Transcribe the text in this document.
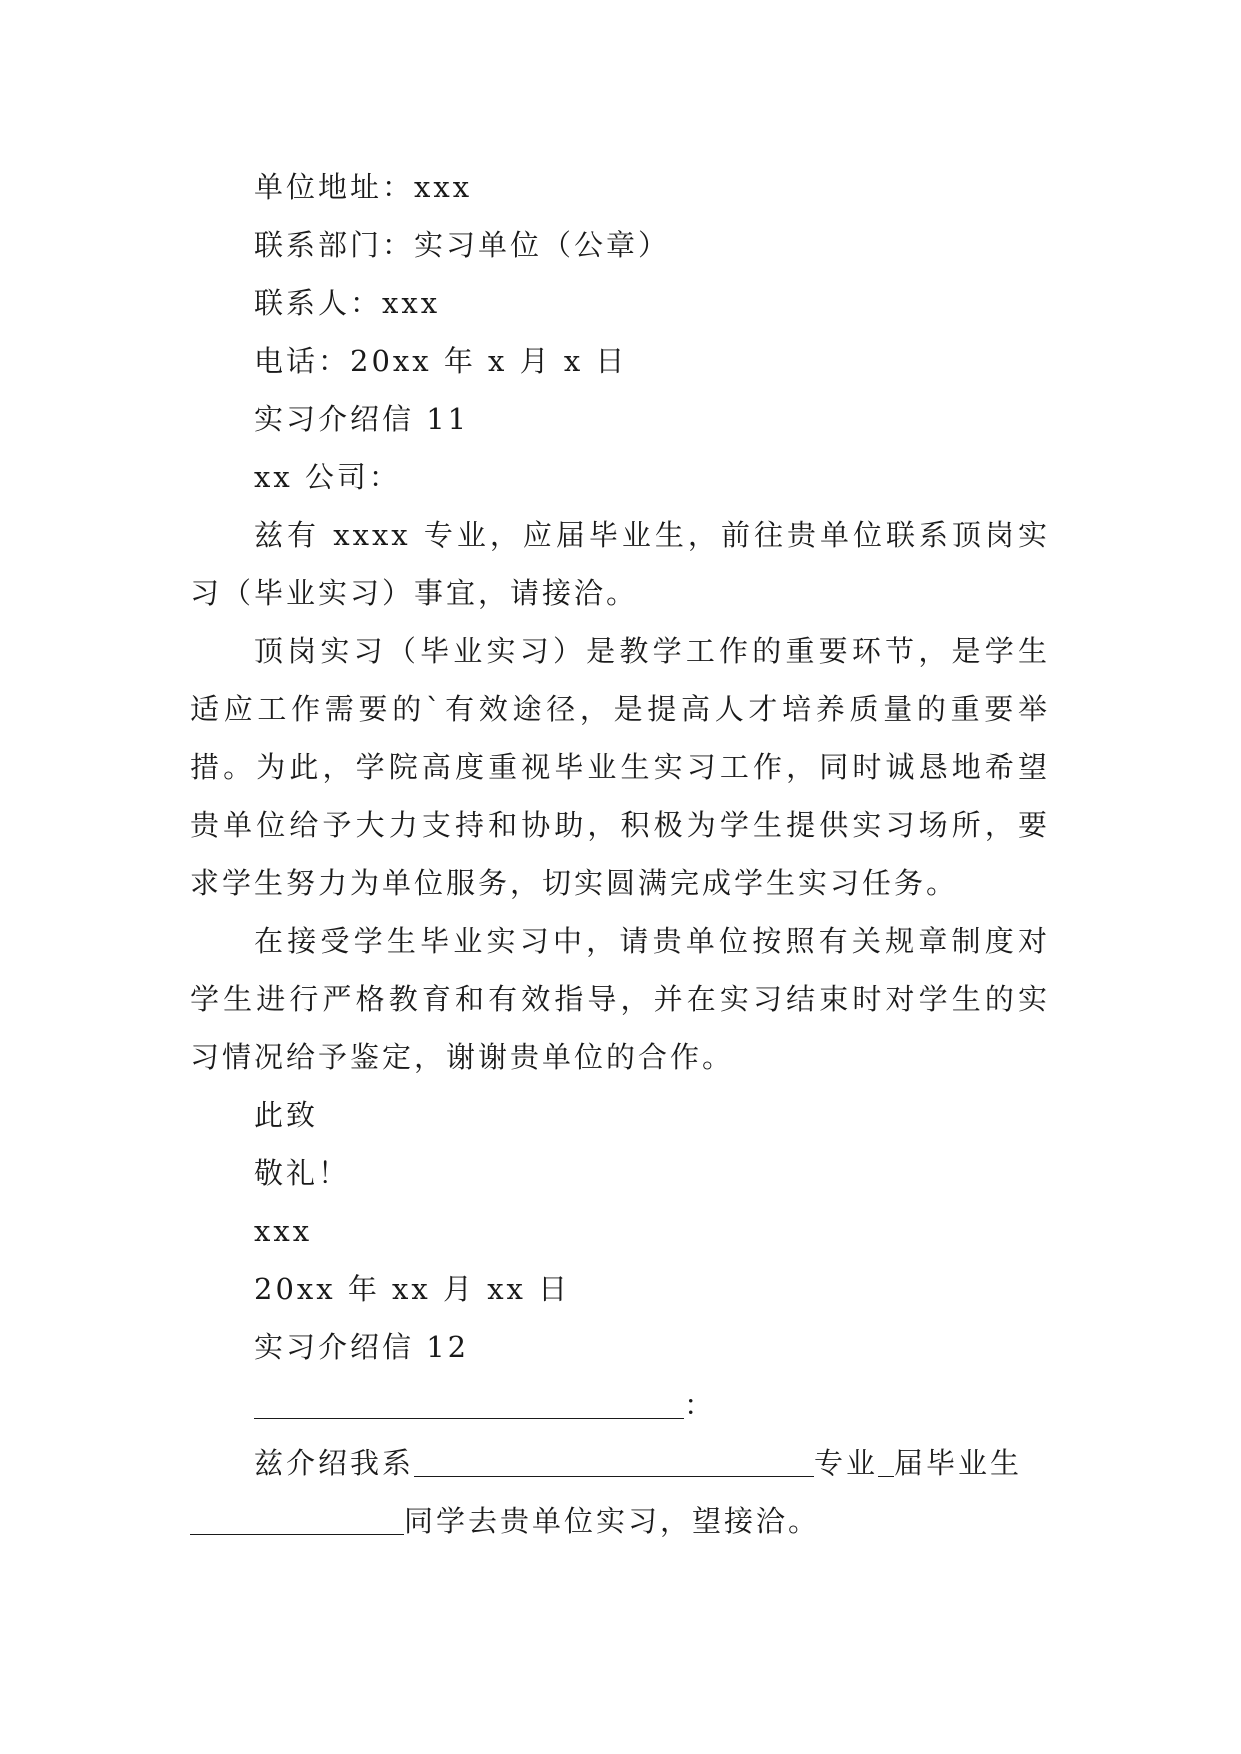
单位地址：xxx

联系部门：实习单位（公章）

联系人：xxx

电话：20xx 年 x 月 x 日

实习介绍信 11

xx 公司：

兹有 xxxx 专业，应届毕业生，前往贵单位联系顶岗实习（毕业实习）事宜，请接洽。

顶岗实习（毕业实习）是教学工作的重要环节，是学生适应工作需要的`有效途径，是提高人才培养质量的重要举措。为此，学院高度重视毕业生实习工作，同时诚恳地希望贵单位给予大力支持和协助，积极为学生提供实习场所，要求学生努力为单位服务，切实圆满完成学生实习任务。

在接受学生毕业实习中，请贵单位按照有关规章制度对学生进行严格教育和有效指导，并在实习结束时对学生的实习情况给予鉴定，谢谢贵单位的合作。

此致

敬礼！

xxx

20xx 年 xx 月 xx 日

实习介绍信 12

：

兹介绍我系	专业 届毕业生

同学去贵单位实习，望接洽。
